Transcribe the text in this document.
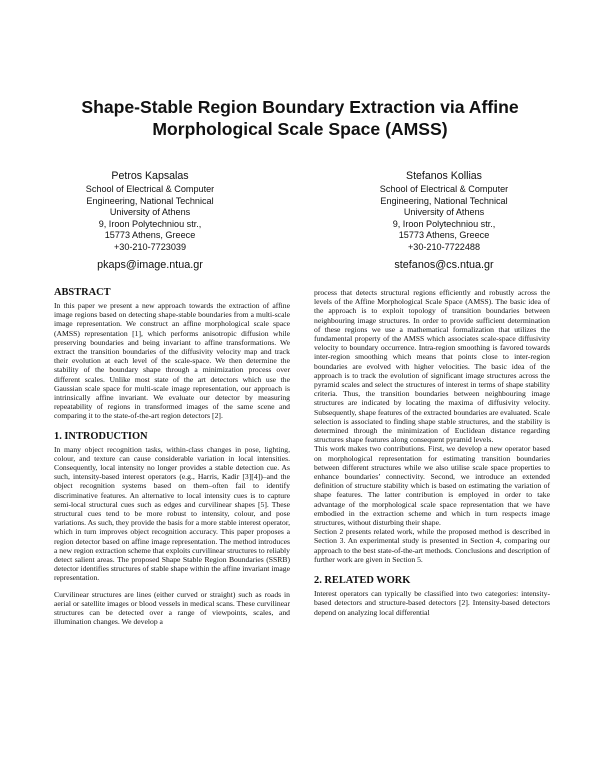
Shape-Stable Region Boundary Extraction via Affine
Morphological Scale Space (AMSS)
Petros Kapsalas
School of Electrical & Computer
Engineering, National Technical
University of Athens
9, Iroon Polytechniou str.,
15773 Athens, Greece
+30-210-7723039
pkaps@image.ntua.gr
Stefanos Kollias
School of Electrical & Computer
Engineering, National Technical
University of Athens
9, Iroon Polytechniou str.,
15773 Athens, Greece
+30-210-7722488
stefanos@cs.ntua.gr
ABSTRACT

In this paper we present a new approach towards the extraction of affine image regions based on detecting shape-stable boundaries from a multi-scale image representation. We construct an affine morphological scale space (AMSS) representation [1], which performs anisotropic diffusion while preserving boundaries and being invariant to affine transformations. We extract the transition boundaries of the diffusivity velocity map and track their evolution at each level of the scale-space. We then determine the stability of the boundary shape through a minimization process over different scales. Unlike most state of the art detectors which use the Gaussian scale space for multi-scale image representation, our approach is intrinsically affine invariant. We evaluate our detector by measuring repeatability of regions in transformed images of the same scene and comparing it to the state-of-the-art region detectors [2].

1. INTRODUCTION

In many object recognition tasks, within-class changes in pose, lighting, colour, and texture can cause considerable variation in local intensities. Consequently, local intensity no longer provides a stable detection cue. As such, intensity-based interest operators (e.g., Harris, Kadir [3][4])–and the object recognition systems based on them–often fail to identify discriminative features. An alternative to local intensity cues is to capture semi-local structural cues such as edges and curvilinear shapes [5]. These structural cues tend to be more robust to intensity, colour, and pose variations. As such, they provide the basis for a more stable interest operator, which in turn improves object recognition accuracy. This paper proposes a region detector based on affine image representation. The method introduces a new region extraction scheme that exploits curvilinear structures to reliably detect salient areas. The proposed Shape Stable Region Boundaries (SSRB) detector identifies structures of stable shape within the affine invariant image representation.

Curvilinear structures are lines (either curved or straight) such as roads in aerial or satellite images or blood vessels in medical scans. These curvilinear structures can be detected over a range of viewpoints, scales, and illumination changes. We develop a

process that detects structural regions efficiently and robustly across the levels of the Affine Morphological Scale Space (AMSS). The basic idea of the approach is to exploit topology of transition boundaries between neighbouring image structures. In order to provide sufficient determination of these regions we use a mathematical formalization that utilizes the fundamental property of the AMSS which associates scale-space diffusivity velocity to boundary occurrence. Intra-region smoothing is favored towards inter-region smoothing which means that points close to inter-region boundaries are evolved with higher velocities. The basic idea of the approach is to track the evolution of significant image structures across the pyramid scales and select the structures of interest in terms of shape stability criteria. Thus, the transition boundaries between neighbouring image structures are indicated by locating the maxima of diffusivity velocity. Subsequently, shape features of the extracted boundaries are evaluated. Scale selection is associated to finding shape stable structures, and the stability is determined through the minimization of Euclidean distance regarding structures shape features along consequent pyramid levels.

This work makes two contributions. First, we develop a new operator based on morphological representation for estimating transition boundaries between different structures while we also utilise scale space properties to enhance boundaries’ connectivity. Second, we introduce an extended definition of structure stability which is based on estimating the variation of shape features. The latter contribution is employed in order to take advantage of the morphological scale space representation that we have embodied in the extraction scheme and which in turn respects image structures, without disturbing their shape.

Section 2 presents related work, while the proposed method is described in Section 3. An experimental study is presented in Section 4, comparing our approach to the best state-of-the-art methods. Conclusions and description of further work are given in Section 5.

2. RELATED WORK

Interest operators can typically be classified into two categories: intensity-based detectors and structure-based detectors [2]. Intensity-based detectors depend on analyzing local differential
